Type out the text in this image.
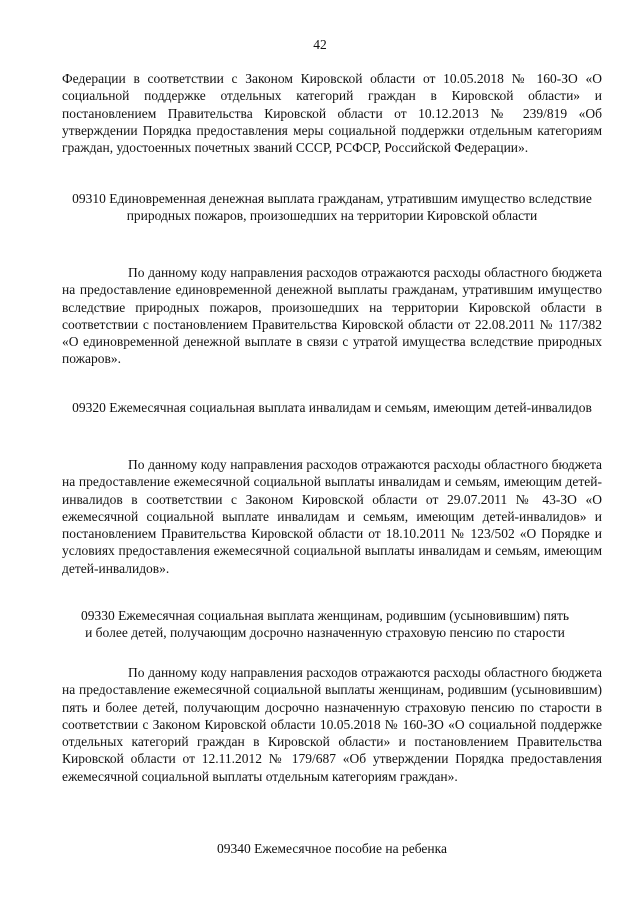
42

Федерации в соответствии с Законом Кировской области от 10.05.2018 № 160-ЗО «О социальной поддержке отдельных категорий граждан в Кировской области» и постановлением Правительства Кировской области от 10.12.2013 № 239/819 «Об утверждении Порядка предоставления меры социальной поддержки отдельным категориям граждан, удостоенных почетных званий СССР, РСФСР, Российской Федерации».

09310 Единовременная денежная выплата гражданам, утратившим имущество вследствие природных пожаров, произошедших на территории Кировской области

По данному коду направления расходов отражаются расходы областного бюджета на предоставление единовременной денежной выплаты гражданам, утратившим имущество вследствие природных пожаров, произошедших на территории Кировской области в соответствии с постановлением Правительства Кировской области от 22.08.2011 № 117/382 «О единовременной денежной выплате в связи с утратой имущества вследствие природных пожаров».

09320 Ежемесячная социальная выплата инвалидам и семьям, имеющим детей-инвалидов

По данному коду направления расходов отражаются расходы областного бюджета на предоставление ежемесячной социальной выплаты инвалидам и семьям, имеющим детей-инвалидов в соответствии с Законом Кировской области от 29.07.2011 № 43-ЗО «О ежемесячной социальной выплате инвалидам и семьям, имеющим детей-инвалидов» и постановлением Правительства Кировской области от 18.10.2011 № 123/502 «О Порядке и условиях предоставления ежемесячной социальной выплаты инвалидам и семьям, имеющим детей-инвалидов».

09330 Ежемесячная социальная выплата женщинам, родившим (усыновившим) пять и более детей, получающим досрочно назначенную страховую пенсию по старости

По данному коду направления расходов отражаются расходы областного бюджета на предоставление ежемесячной социальной выплаты женщинам, родившим (усыновившим) пять и более детей, получающим досрочно назначенную страховую пенсию по старости в соответствии с Законом Кировской области 10.05.2018 № 160-ЗО «О социальной поддержке отдельных категорий граждан в Кировской области» и постановлением Правительства Кировской области от 12.11.2012 № 179/687 «Об утверждении Порядка предоставления ежемесячной социальной выплаты отдельным категориям граждан».

09340 Ежемесячное пособие на ребенка
